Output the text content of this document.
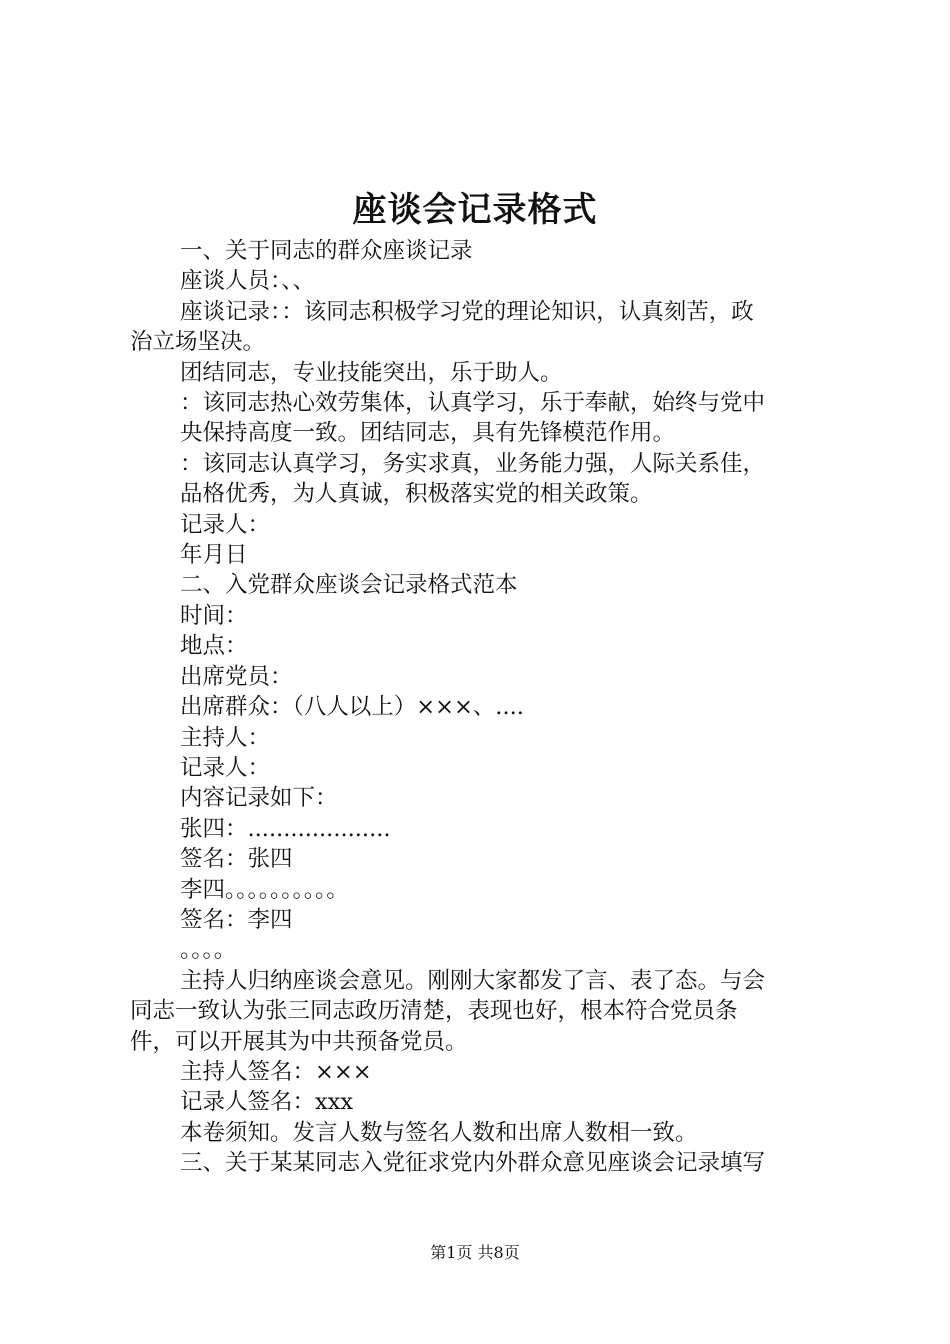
座谈会记录格式
一、关于同志的群众座谈记录
座谈人员：、、
座谈记录：：该同志积极学习党的理论知识，认真刻苦，政
治立场坚决。
团结同志，专业技能突出，乐于助人。
：该同志热心效劳集体，认真学习，乐于奉献，始终与党中
央保持高度一致。团结同志，具有先锋模范作用。
：该同志认真学习，务实求真，业务能力强，人际关系佳，
品格优秀，为人真诚，积极落实党的相关政策。
记录人：
年月日
二、入党群众座谈会记录格式范本
时间：
地点：
出席党员：
出席群众：（八人以上）×××、....
主持人：
记录人：
内容记录如下：
张四：....................
签名：张四
李四。。。。。。。。。。
签名：李四
。。。。
主持人归纳座谈会意见。刚刚大家都发了言、表了态。与会
同志一致认为张三同志政历清楚，表现也好，根本符合党员条
件，可以开展其为中共预备党员。
主持人签名：×××
记录人签名：xxx
本卷须知。发言人数与签名人数和出席人数相一致。
三、关于某某同志入党征求党内外群众意见座谈会记录填写
第1页 共8页
